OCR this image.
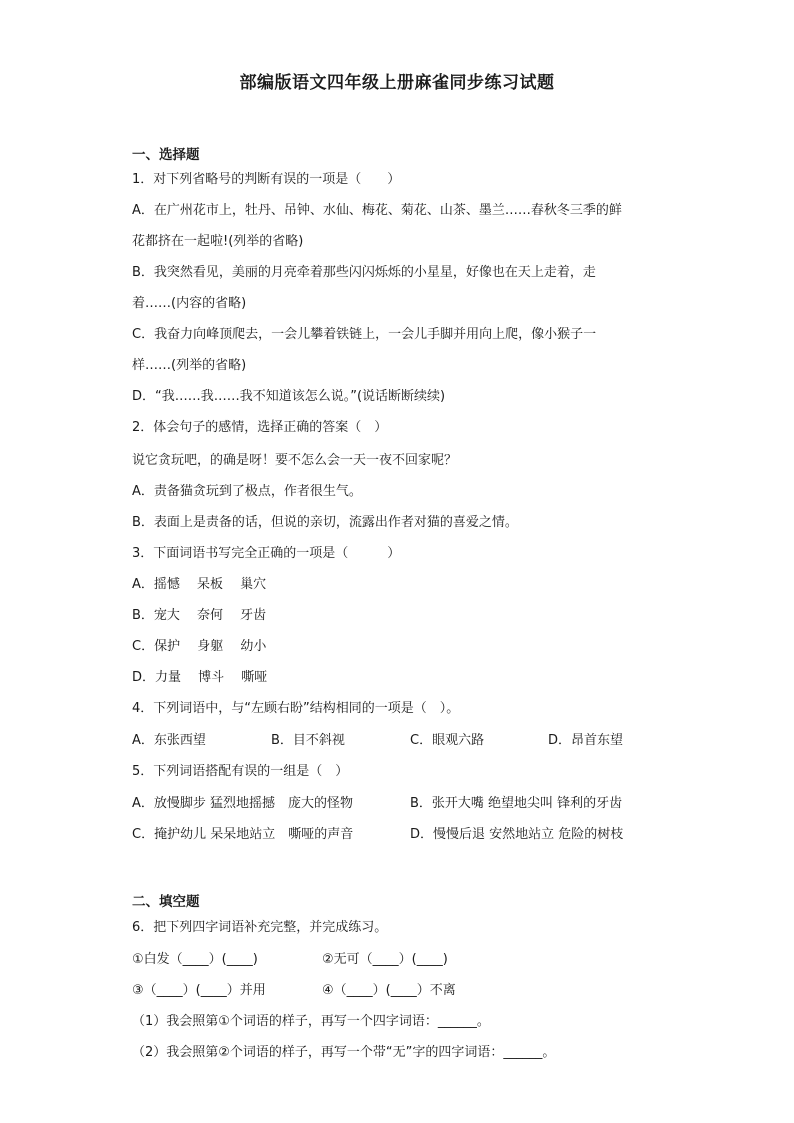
部编版语文四年级上册麻雀同步练习试题
一、选择题
1．对下列省略号的判断有误的一项是（　　）
A．在广州花市上，牡丹、吊钟、水仙、梅花、菊花、山茶、墨兰……春秋冬三季的鲜
花都挤在一起啦!(列举的省略)
B．我突然看见，美丽的月亮牵着那些闪闪烁烁的小星星，好像也在天上走着，走
着……(内容的省略)
C．我奋力向峰顶爬去，一会儿攀着铁链上，一会儿手脚并用向上爬，像小猴子一
样……(列举的省略)
D．“我……我……我不知道该怎么说。”(说话断断续续)
2．体会句子的感情，选择正确的答案（　）
说它贪玩吧，的确是呀！要不怎么会一天一夜不回家呢？
A．责备猫贪玩到了极点，作者很生气。
B．表面上是责备的话，但说的亲切，流露出作者对猫的喜爱之情。
3．下面词语书写完全正确的一项是（　　　）
A．摇憾　 呆板　 巢穴
B．宠大　 奈何　 牙齿
C．保护　 身躯　 幼小
D．力量　 博斗　 嘶哑
4．下列词语中，与“左顾右盼”结构相同的一项是（　）。
A．东张西望	B．目不斜视	C．眼观六路	D．昂首东望
5．下列词语搭配有误的一组是（　）
A．放慢脚步 猛烈地摇撼　庞大的怪物	B．张开大嘴 绝望地尖叫 锋利的牙齿
C．掩护幼儿 呆呆地站立　嘶哑的声音	D．慢慢后退 安然地站立 危险的树枝
二、填空题
6．把下列四字词语补充完整，并完成练习。
①白发（____）(____)	②无可（____）(____)
③（____）(____）并用	④（____）(____）不离
（1）我会照第①个词语的样子，再写一个四字词语：______。
（2）我会照第②个词语的样子，再写一个带“无”字的四字词语：______。
